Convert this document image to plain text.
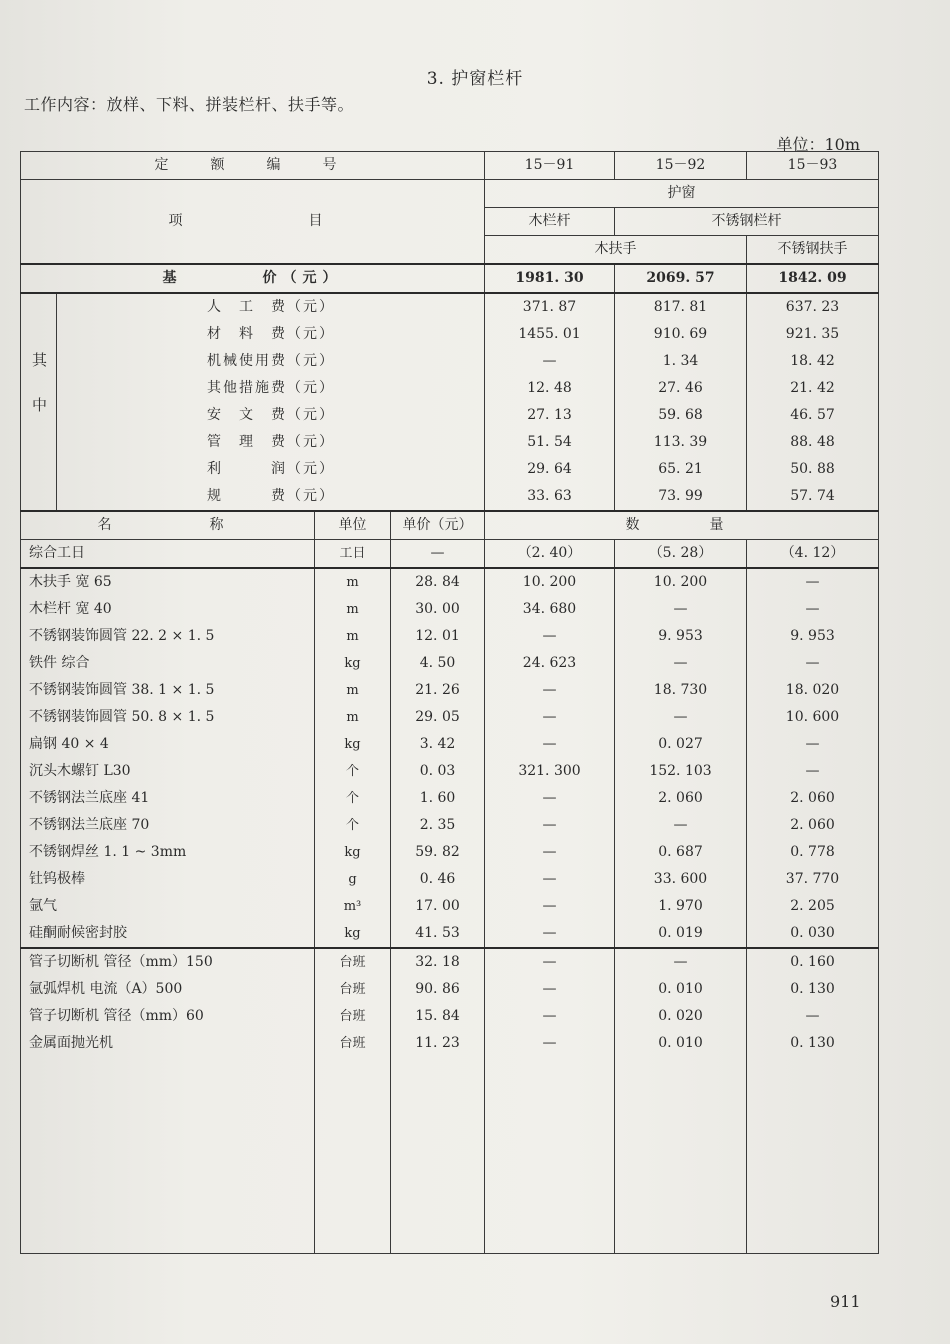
3. 护窗栏杆
工作内容：放样、下料、拼装栏杆、扶手等。
单位：10m
定　额　编　号				15－91	15－92	15－93
项　　　　目				护窗		
				木栏杆	不锈钢栏杆	
				木扶手		不锈钢扶手
基　　　　价（元）				1981. 30	2069. 57	1842. 09
其中	人　工　费（元）			371. 87	817. 81	637. 23
	材　料　费（元）			1455. 01	910. 69	921. 35
	机械使用费（元）			—	1. 34	18. 42
	其他措施费（元）			12. 48	27. 46	21. 42
	安　文　费（元）			27. 13	59. 68	46. 57
	管　理　费（元）			51. 54	113. 39	88. 48
	利　　　润（元）			29. 64	65. 21	50. 88
	规　　　费（元）			33. 63	73. 99	57. 74
名　　　称		单位	单价（元）	数　　量		
综合工日		工日	—	（2. 40）	（5. 28）	（4. 12）
木扶手 宽 65		m	28. 84	10. 200	10. 200	—
木栏杆 宽 40		m	30. 00	34. 680	—	—
不锈钢装饰圆管 22. 2 × 1. 5		m	12. 01	—	9. 953	9. 953
铁件 综合		kg	4. 50	24. 623	—	—
不锈钢装饰圆管 38. 1 × 1. 5		m	21. 26	—	18. 730	18. 020
不锈钢装饰圆管 50. 8 × 1. 5		m	29. 05	—	—	10. 600
扁钢 40 × 4		kg	3. 42	—	0. 027	—
沉头木螺钉 L30		个	0. 03	321. 300	152. 103	—
不锈钢法兰底座 41		个	1. 60	—	2. 060	2. 060
不锈钢法兰底座 70		个	2. 35	—	—	2. 060
不锈钢焊丝 1. 1 ~ 3mm		kg	59. 82	—	0. 687	0. 778
钍钨极棒		g	0. 46	—	33. 600	37. 770
氩气		m³	17. 00	—	1. 970	2. 205
硅酮耐候密封胶		kg	41. 53	—	0. 019	0. 030
管子切断机 管径（mm）150		台班	32. 18	—	—	0. 160
氩弧焊机 电流（A）500		台班	90. 86	—	0. 010	0. 130
管子切断机 管径（mm）60		台班	15. 84	—	0. 020	—
金属面抛光机		台班	11. 23	—	0. 010	0. 130

911
